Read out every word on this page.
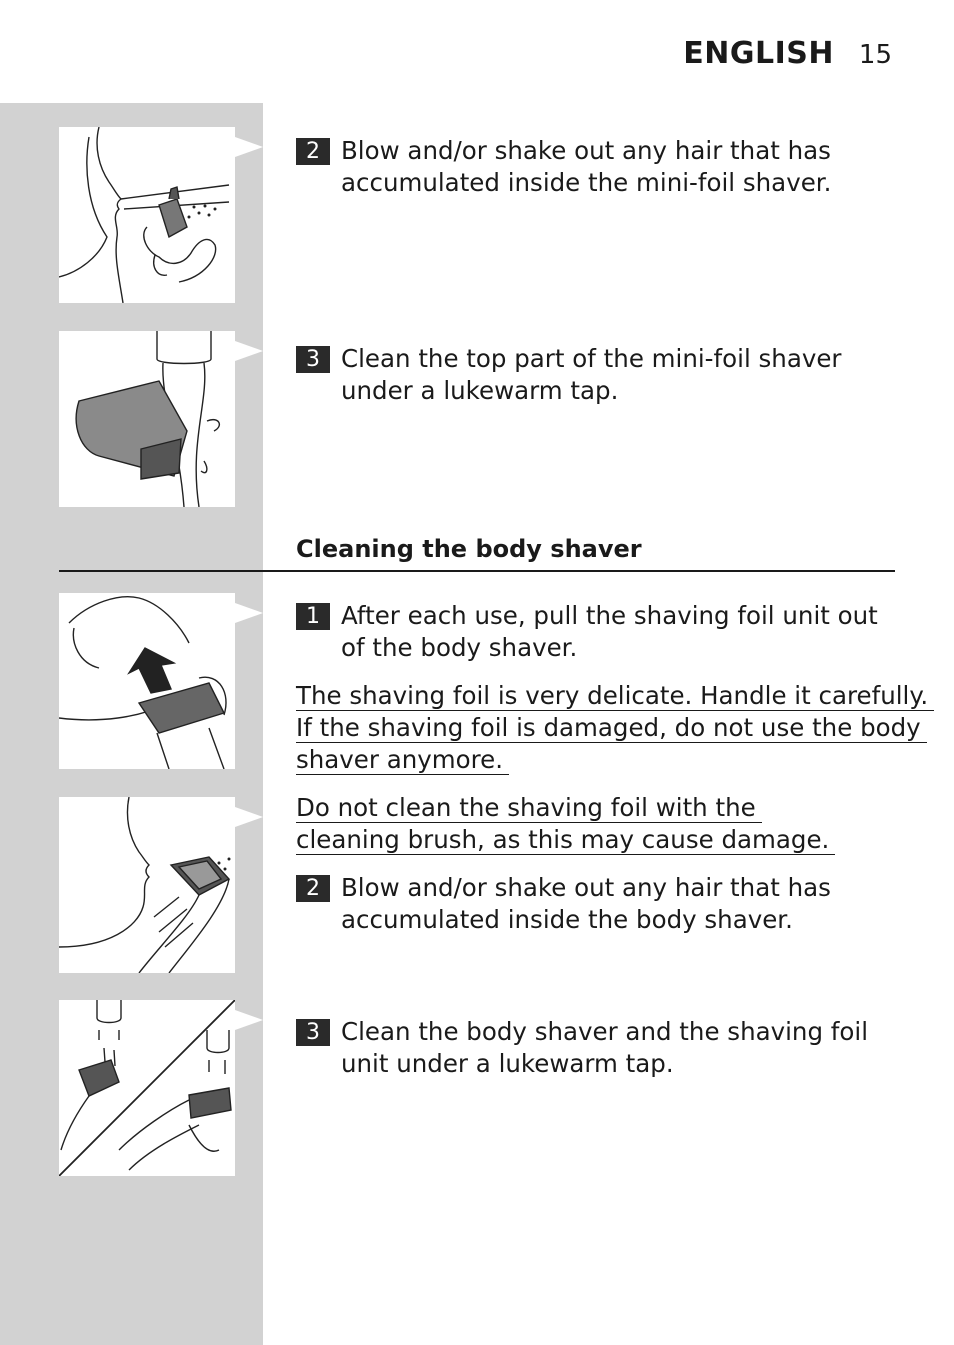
ENGLISH 15
2 Blow and/or shake out any hair that has accumulated inside the mini-foil shaver.
3 Clean the top part of the mini-foil shaver under a lukewarm tap.
Cleaning the body shaver
1 After each use, pull the shaving foil unit out of the body shaver.
The shaving foil is very delicate. Handle it carefully.
If the shaving foil is damaged, do not use the body
shaver anymore.
Do not clean the shaving foil with the
cleaning brush, as this may cause damage.
2 Blow and/or shake out any hair that has accumulated inside the body shaver.
3 Clean the body shaver and the shaving foil unit under a lukewarm tap.
